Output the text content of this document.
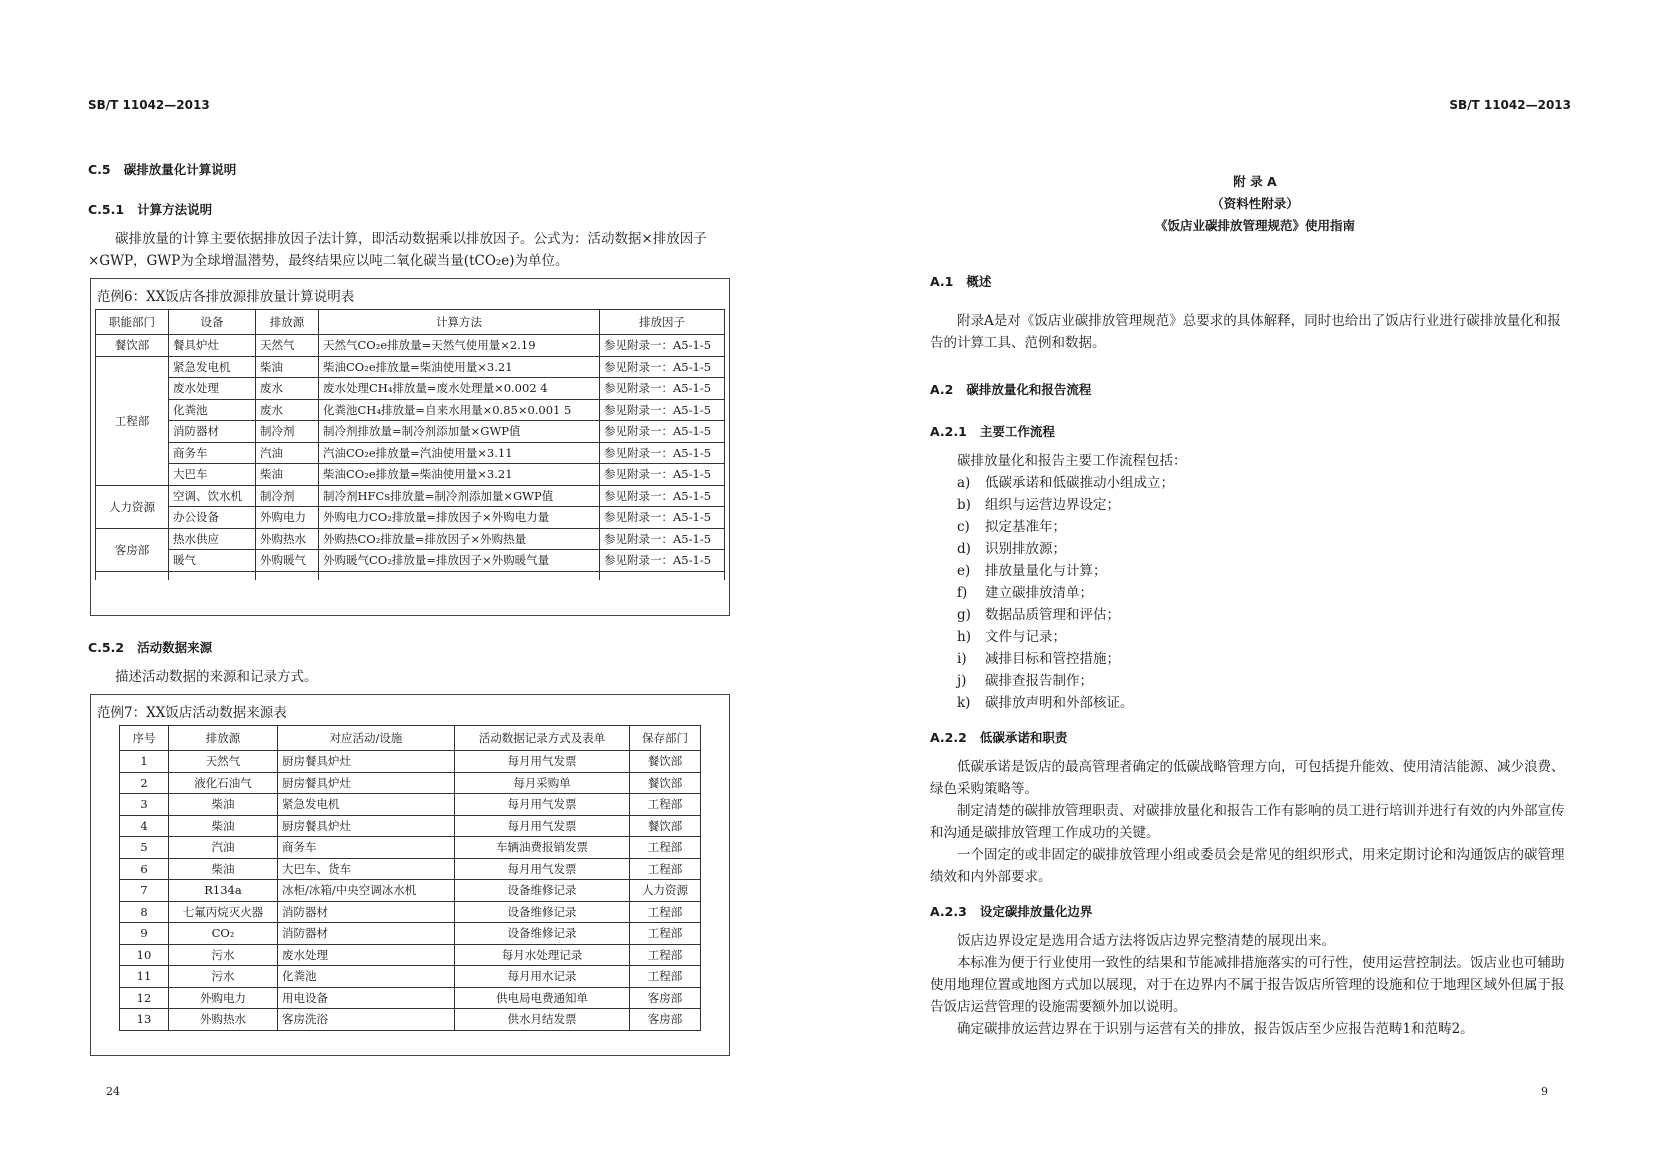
SB/T 11042—2013
C.5 碳排放量化计算说明
C.5.1 计算方法说明

碳排放量的计算主要依据排放因子法计算，即活动数据乘以排放因子。公式为：活动数据×排放因子×GWP，GWP为全球增温潜势，最终结果应以吨二氧化碳当量(tCO₂e)为单位。

范例6：XX饭店各排放源排放量计算说明表
职能部门	设备	排放源	计算方法	排放因子
餐饮部	餐具炉灶	天然气	天然气CO₂e排放量=天然气使用量×2.19	参见附录一：A5-1-5
工程部	紧急发电机	柴油	柴油CO₂e排放量=柴油使用量×3.21	参见附录一：A5-1-5
	废水处理	废水	废水处理CH₄排放量=废水处理量×0.002 4	参见附录一：A5-1-5
	化粪池	废水	化粪池CH₄排放量=自来水用量×0.85×0.001 5	参见附录一：A5-1-5
	消防器材	制冷剂	制冷剂排放量=制冷剂添加量×GWP值	参见附录一：A5-1-5
	商务车	汽油	汽油CO₂e排放量=汽油使用量×3.11	参见附录一：A5-1-5
	大巴车	柴油	柴油CO₂e排放量=柴油使用量×3.21	参见附录一：A5-1-5
人力资源	空调、饮水机	制冷剂	制冷剂HFCs排放量=制冷剂添加量×GWP值	参见附录一：A5-1-5
	办公设备	外购电力	外购电力CO₂排放量=排放因子×外购电力量	参见附录一：A5-1-5
客房部	热水供应	外购热水	外购热CO₂排放量=排放因子×外购热量	参见附录一：A5-1-5
	暖气	外购暖气	外购暖气CO₂排放量=排放因子×外购暖气量	参见附录一：A5-1-5

C.5.2 活动数据来源

描述活动数据的来源和记录方式。

范例7：XX饭店活动数据来源表
序号	排放源	对应活动/设施	活动数据记录方式及表单	保存部门
1	天然气	厨房餐具炉灶	每月用气发票	餐饮部
2	液化石油气	厨房餐具炉灶	每月采购单	餐饮部
3	柴油	紧急发电机	每月用气发票	工程部
4	柴油	厨房餐具炉灶	每月用气发票	餐饮部
5	汽油	商务车	车辆油费报销发票	工程部
6	柴油	大巴车、货车	每月用气发票	工程部
7	R134a	冰柜/冰箱/中央空调冰水机	设备维修记录	人力资源
8	七氟丙烷灭火器	消防器材	设备维修记录	工程部
9	CO₂	消防器材	设备维修记录	工程部
10	污水	废水处理	每月水处理记录	工程部
11	污水	化粪池	每月用水记录	工程部
12	外购电力	用电设备	供电局电费通知单	客房部
13	外购热水	客房洗浴	供水月结发票	客房部
24
SB/T 11042—2013
附 录 A
（资料性附录）
《饭店业碳排放管理规范》使用指南
A.1 概述

附录A是对《饭店业碳排放管理规范》总要求的具体解释，同时也给出了饭店行业进行碳排放量化和报告的计算工具、范例和数据。

A.2 碳排放量化和报告流程
A.2.1 主要工作流程

碳排放量化和报告主要工作流程包括：

a)	低碳承诺和低碳推动小组成立；
b)	组织与运营边界设定；
c)	拟定基准年；
d)	识别排放源；
e)	排放量量化与计算；
f)	建立碳排放清单；
g)	数据品质管理和评估；
h)	文件与记录；
i)	减排目标和管控措施；
j)	碳排查报告制作；
k)	碳排放声明和外部核证。
A.2.2 低碳承诺和职责

低碳承诺是饭店的最高管理者确定的低碳战略管理方向，可包括提升能效、使用清洁能源、减少浪费、绿色采购策略等。

制定清楚的碳排放管理职责、对碳排放量化和报告工作有影响的员工进行培训并进行有效的内外部宣传和沟通是碳排放管理工作成功的关键。

一个固定的或非固定的碳排放管理小组或委员会是常见的组织形式，用来定期讨论和沟通饭店的碳管理绩效和内外部要求。

A.2.3 设定碳排放量化边界

饭店边界设定是选用合适方法将饭店边界完整清楚的展现出来。

本标准为便于行业使用一致性的结果和节能减排措施落实的可行性，使用运营控制法。饭店业也可辅助使用地理位置或地图方式加以展现，对于在边界内不属于报告饭店所管理的设施和位于地理区域外但属于报告饭店运营管理的设施需要额外加以说明。

确定碳排放运营边界在于识别与运营有关的排放，报告饭店至少应报告范畴1和范畴2。

9
